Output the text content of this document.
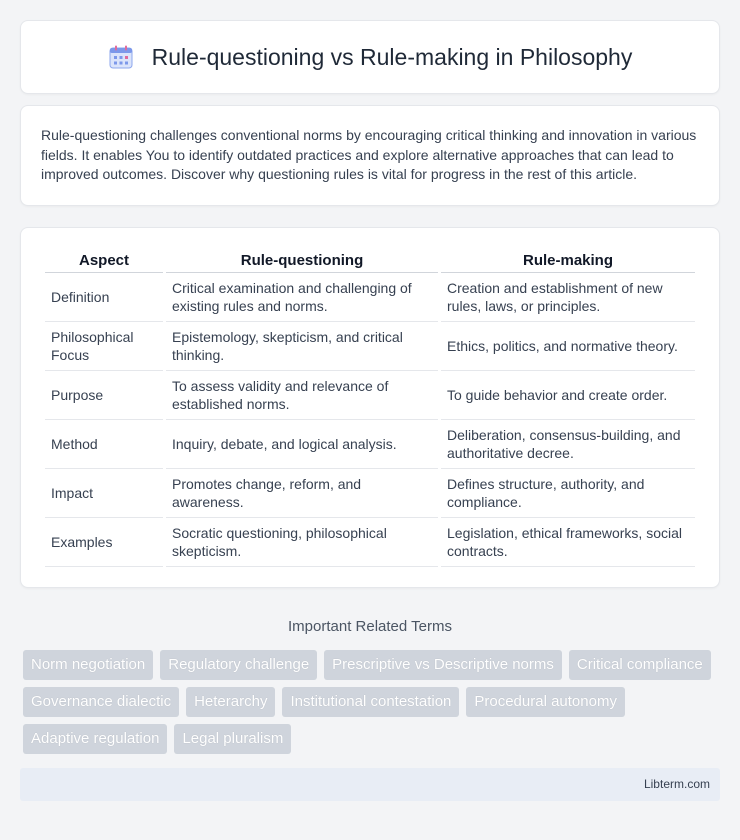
Rule-questioning vs Rule-making in Philosophy

Rule-questioning challenges conventional norms by encouraging critical thinking and innovation in various fields. It enables You to identify outdated practices and explore alternative approaches that can lead to improved outcomes. Discover why questioning rules is vital for progress in the rest of this article.

Aspect	Rule-questioning	Rule-making
Definition	Critical examination and challenging of existing rules and norms.	Creation and establishment of new rules, laws, or principles.
Philosophical Focus	Epistemology, skepticism, and critical thinking.	Ethics, politics, and normative theory.
Purpose	To assess validity and relevance of established norms.	To guide behavior and create order.
Method	Inquiry, debate, and logical analysis.	Deliberation, consensus-building, and authoritative decree.
Impact	Promotes change, reform, and awareness.	Defines structure, authority, and compliance.
Examples	Socratic questioning, philosophical skepticism.	Legislation, ethical frameworks, social contracts.
Important Related Terms
Norm negotiation	Regulatory challenge	Prescriptive vs Descriptive norms	Critical compliance
Governance dialectic	Heterarchy	Institutional contestation	Procedural autonomy
Adaptive regulation	Legal pluralism
Libterm.com
